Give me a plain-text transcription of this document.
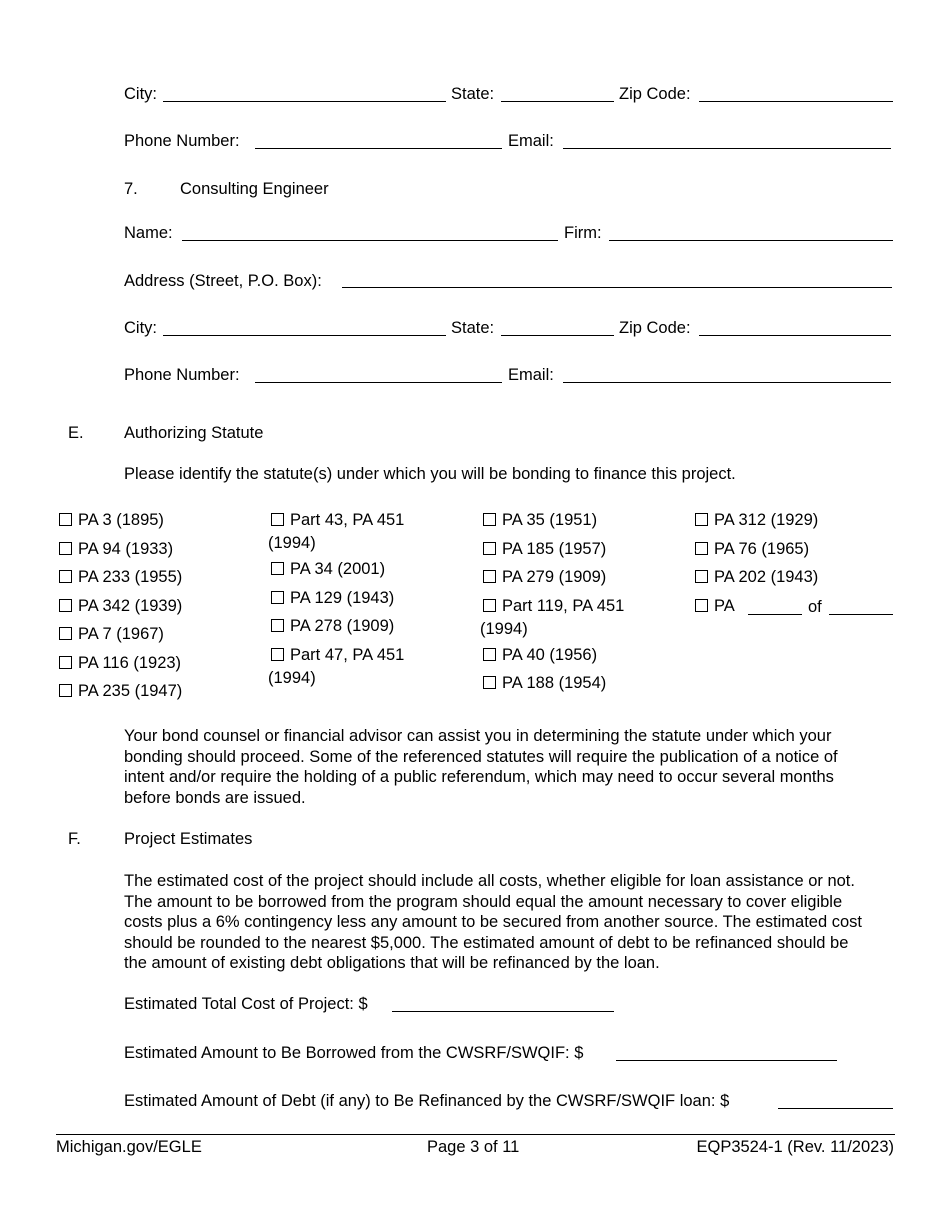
City:	State:	Zip Code:
Phone Number:	Email:
7.	Consulting Engineer
Name:	Firm:
Address (Street, P.O. Box):
City:	State:	Zip Code:
Phone Number:	Email:
E. Authorizing Statute
Please identify the statute(s) under which you will be bonding to finance this project.
PA 3 (1895)
PA 94 (1933)
PA 233 (1955)
PA 342 (1939)
PA 7 (1967)
PA 116 (1923)
PA 235 (1947)
Part 43, PA 451
(1994)
PA 34 (2001)
PA 129 (1943)
PA 278 (1909)
Part 47, PA 451
(1994)
PA 35 (1951)
PA 185 (1957)
PA 279 (1909)
Part 119, PA 451
(1994)
PA 40 (1956)
PA 188 (1954)
PA 312 (1929)
PA 76 (1965)
PA 202 (1943)
PA	of
Your bond counsel or financial advisor can assist you in determining the statute under which your bonding should proceed. Some of the referenced statutes will require the publication of a notice of intent and/or require the holding of a public referendum, which may need to occur several months before bonds are issued.
F.	Project Estimates
The estimated cost of the project should include all costs, whether eligible for loan assistance or not. The amount to be borrowed from the program should equal the amount necessary to cover eligible costs plus a 6% contingency less any amount to be secured from another source. The estimated cost should be rounded to the nearest $5,000. The estimated amount of debt to be refinanced should be the amount of existing debt obligations that will be refinanced by the loan.
Estimated Total Cost of Project: $
Estimated Amount to Be Borrowed from the CWSRF/SWQIF: $
Estimated Amount of Debt (if any) to Be Refinanced by the CWSRF/SWQIF loan: $
Michigan.gov/EGLE	Page 3 of 11	EQP3524-1 (Rev. 11/2023)
